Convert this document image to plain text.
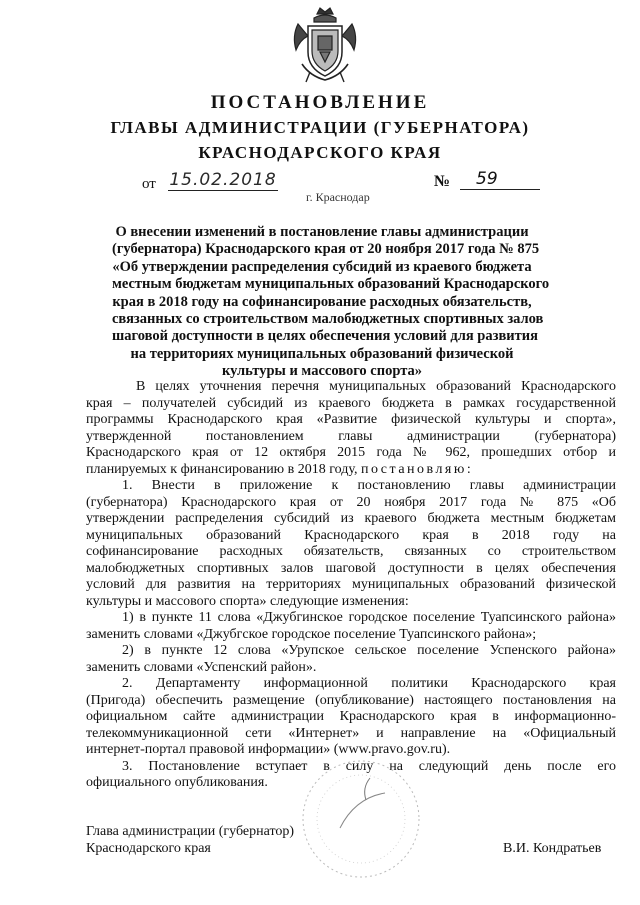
ПОСТАНОВЛЕНИЕ
ГЛАВЫ АДМИНИСТРАЦИИ (ГУБЕРНАТОРА)
КРАСНОДАРСКОГО КРАЯ
от 15.02.2018	№	59
г. Краснодар
О внесении изменений в постановление главы администрации
(губернатора) Краснодарского края от 20 ноября 2017 года № 875
«Об утверждении распределения субсидий из краевого бюджета
местным бюджетам муниципальных образований Краснодарского
края в 2018 году на софинансирование расходных обязательств,
связанных со строительством малобюджетных спортивных залов
шаговой доступности в целях обеспечения условий для развития
на территориях муниципальных образований физической
культуры и массового спорта»
В целях уточнения перечня муниципальных образований Краснодарского
края – получателей субсидий из краевого бюджета в рамках государственной
программы Краснодарского края «Развитие физической культуры и спорта»,
утвержденной постановлением главы администрации (губернатора)
Краснодарского края от 12 октября 2015 года № 962, прошедших отбор и
планируемых к финансированию в 2018 году, постановляю:
1. Внести в приложение к постановлению главы администрации
(губернатора) Краснодарского края от 20 ноября 2017 года № 875 «Об
утверждении распределения субсидий из краевого бюджета местным бюджетам
муниципальных образований Краснодарского края в 2018 году на
софинансирование расходных обязательств, связанных со строительством
малобюджетных спортивных залов шаговой доступности в целях обеспечения
условий для развития на территориях муниципальных образований физической
культуры и массового спорта» следующие изменения:
1) в пункте 11 слова «Джубгинское городское поселение Туапсинского района»
заменить словами «Джубгское городское поселение Туапсинского района»;
2) в пункте 12 слова «Урупское сельское поселение Успенского района»
заменить словами «Успенский район».
2. Департаменту информационной политики Краснодарского края
(Пригода) обеспечить размещение (опубликование) настоящего постановления на
официальном сайте администрации Краснодарского края в информационно-
телекоммуникационной сети «Интернет» и направление на «Официальный
интернет-портал правовой информации» (www.pravo.gov.ru).
3. Постановление вступает в силу на следующий день после его
официального опубликования.
Глава администрации (губернатор)
Краснодарского края	В.И. Кондратьев
